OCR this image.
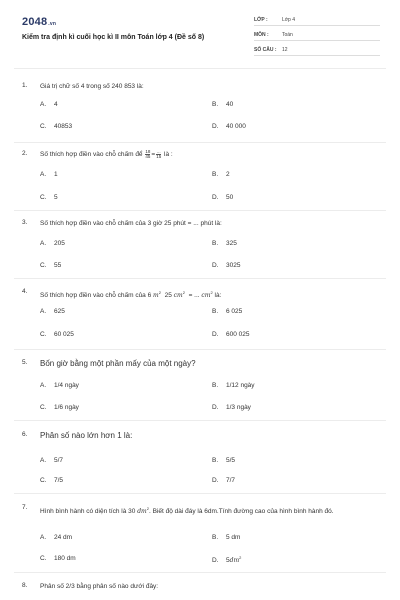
2048.vn
Kiểm tra định kì cuối học kì II môn Toán lớp 4 (Đề số 8)
LỚP :	Lớp 4
MÔN :	Toán
SỐ CÂU :	12
1. Giá trị chữ số 4 trong số 240 853 là:
A. 4	B. 40
C. 40853	D. 40 000
2. Số thích hợp điền vào chỗ chấm để $\frac{18}{45} = \frac{...}{15}$ là :
A. 1	B. 2
C. 5	D. 50
3. Số thích hợp điền vào chỗ chấm của 3 giờ 25 phút = ... phút là:
A. 205	B. 325
C. 55	D. 3025
4.
Số thích hợp điền vào chỗ chấm của 6 $m^2$ 25 $cm^2$ = ... $cm^2$ là:
A. 625	B. 6 025
C. 60 025	D. 600 025
5. Bốn giờ bằng một phần mấy của một ngày?
A. 1/4 ngày	B. 1/12 ngày
C. 1/6 ngày	D. 1/3 ngày
6. Phân số nào lớn hơn 1 là:
A. 5/7	B. 5/5
C. 7/5	D. 7/7
7.
Hình bình hành có diện tích là 30 $dm^2$. Biết độ dài đáy là 6dm.Tính đường cao của hình bình hành đó.
A. 24 dm	B. 5 dm
C. 180 dm	D. $5dm^2$
8. Phân số 2/3 bằng phân số nào dưới đây:
